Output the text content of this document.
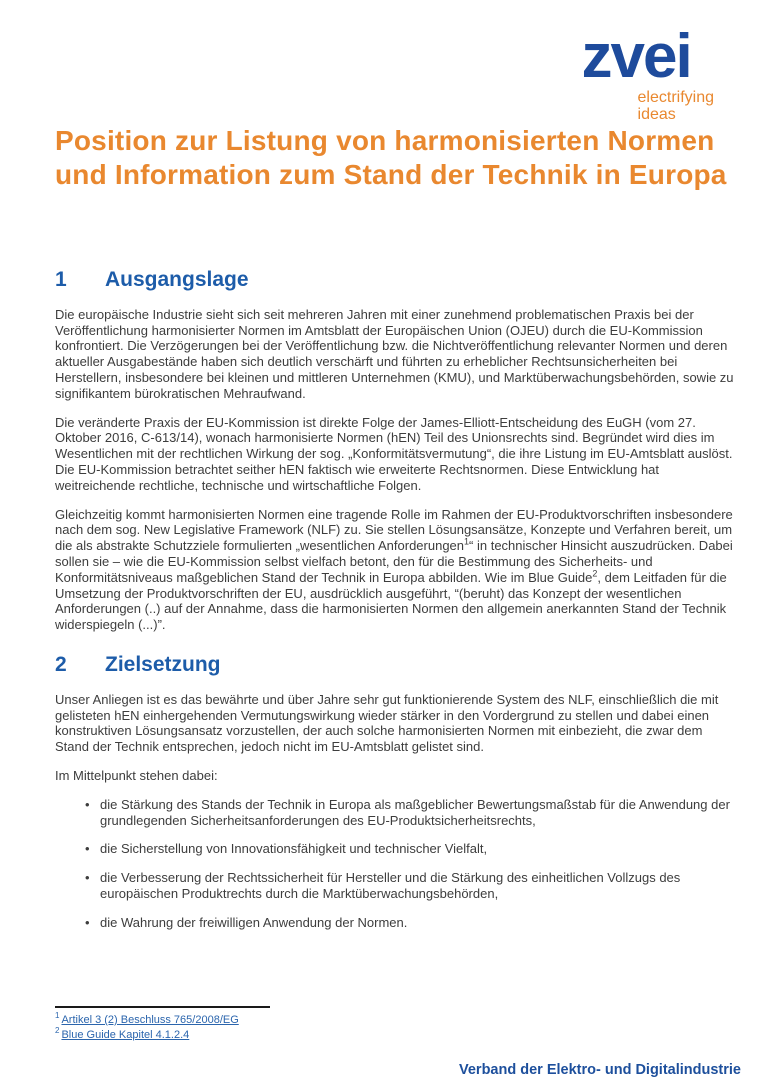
zvei
electrifying
ideas
Position zur Listung von harmonisierten Normen und Information zum Stand der Technik in Europa
1 Ausgangslage

Die europäische Industrie sieht sich seit mehreren Jahren mit einer zunehmend problematischen Praxis bei der Veröffentlichung harmonisierter Normen im Amtsblatt der Europäischen Union (OJEU) durch die EU-Kommission konfrontiert. Die Verzögerungen bei der Veröffentlichung bzw. die Nichtveröffentlichung relevanter Normen und deren aktueller Ausgabestände haben sich deutlich verschärft und führten zu erheblicher Rechtsunsicherheiten bei Herstellern, insbesondere bei kleinen und mittleren Unternehmen (KMU), und Marktüberwachungsbehörden, sowie zu signifikantem bürokratischen Mehraufwand.

Die veränderte Praxis der EU-Kommission ist direkte Folge der James-Elliott-Entscheidung des EuGH (vom 27. Oktober 2016, C-613/14), wonach harmonisierte Normen (hEN) Teil des Unionsrechts sind. Begründet wird dies im Wesentlichen mit der rechtlichen Wirkung der sog. „Konformitätsvermutung“, die ihre Listung im EU-Amtsblatt auslöst. Die EU-Kommission betrachtet seither hEN faktisch wie erweiterte Rechtsnormen. Diese Entwicklung hat weitreichende rechtliche, technische und wirtschaftliche Folgen.

Gleichzeitig kommt harmonisierten Normen eine tragende Rolle im Rahmen der EU-Produktvorschriften insbesondere nach dem sog. New Legislative Framework (NLF) zu. Sie stellen Lösungsansätze, Konzepte und Verfahren bereit, um die als abstrakte Schutzziele formulierten „wesentlichen Anforderungen$^1$“ in technischer Hinsicht auszudrücken. Dabei sollen sie – wie die EU-Kommission selbst vielfach betont, den für die Bestimmung des Sicherheits- und Konformitätsniveaus maßgeblichen Stand der Technik in Europa abbilden. Wie im Blue Guide$^2$, dem Leitfaden für die Umsetzung der Produktvorschriften der EU, ausdrücklich ausgeführt, “(beruht) das Konzept der wesentlichen Anforderungen (..) auf der Annahme, dass die harmonisierten Normen den allgemein anerkannten Stand der Technik widerspiegeln (...)”.

2 Zielsetzung

Unser Anliegen ist es das bewährte und über Jahre sehr gut funktionierende System des NLF, einschließlich die mit gelisteten hEN einhergehenden Vermutungswirkung wieder stärker in den Vordergrund zu stellen und dabei einen konstruktiven Lösungsansatz vorzustellen, der auch solche harmonisierten Normen mit einbezieht, die zwar dem Stand der Technik entsprechen, jedoch nicht im EU-Amtsblatt gelistet sind.

Im Mittelpunkt stehen dabei:

• die Stärkung des Stands der Technik in Europa als maßgeblicher Bewertungsmaßstab für die Anwendung der grundlegenden Sicherheitsanforderungen des EU-Produktsicherheitsrechts,
• die Sicherstellung von Innovationsfähigkeit und technischer Vielfalt,
• die Verbesserung der Rechtssicherheit für Hersteller und die Stärkung des einheitlichen Vollzugs des europäischen Produktrechts durch die Marktüberwachungsbehörden,
• die Wahrung der freiwilligen Anwendung der Normen.
$^1$ Artikel 3 (2) Beschluss 765/2008/EG
$^2$ Blue Guide Kapitel 4.1.2.4
Verband der Elektro- und Digitalindustrie
